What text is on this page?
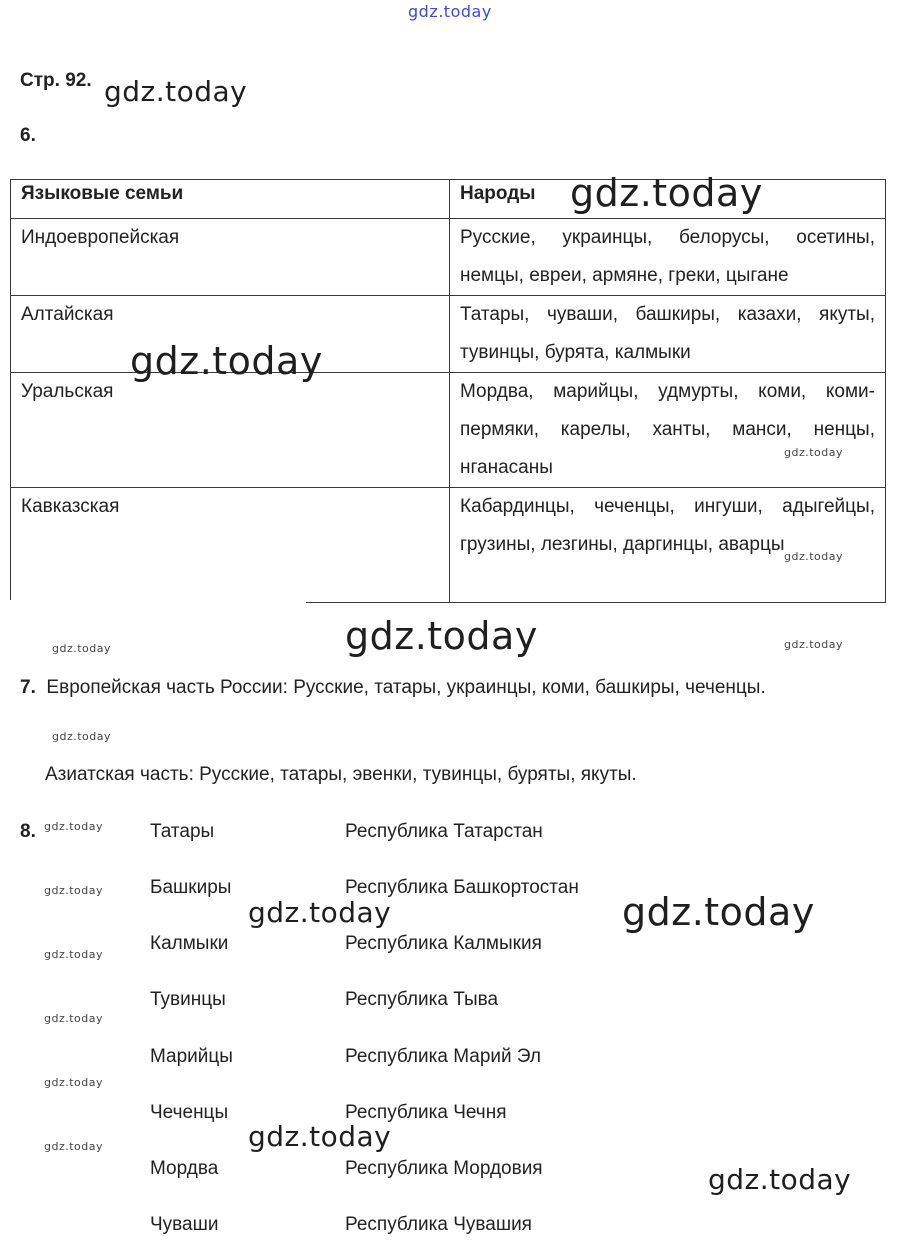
gdz.today
Стр. 92. gdz.today
6.
Языковые семьи	Народы
Индоевропейская	Русские, украинцы, белорусы, осетины, немцы, евреи, армяне, греки, цыгане
Алтайская	Татары, чуваши, башкиры, казахи, якуты, тувинцы, бурята, калмыки
Уральская	Мордва, марийцы, удмурты, коми, коми-пермяки, карелы, ханты, манси, ненцы, нганасаны
Кавказская	Кабардинцы, чеченцы, ингуши, адыгейцы, грузины, лезгины, даргинцы, аварцы
gdz.today
gdz.today
gdz.today
gdz.today
gdz.today	gdz.today	gdz.today
7. Европейская часть России: Русские, татары, украинцы, коми, башкиры, чеченцы.
gdz.today
Азиатская часть: Русские, татары, эвенки, тувинцы, буряты, якуты.
8.	Татары	Республика Татарстан
Башкиры	Республика Башкортостан
Калмыки	Республика Калмыкия
Тувинцы	Республика Тыва
Марийцы	Республика Марий Эл
Чеченцы	Республика Чечня
Мордва	Республика Мордовия
Чуваши	Республика Чувашия
gdz.today
gdz.today
gdz.today
gdz.today
gdz.today
gdz.today
gdz.today	gdz.today
gdz.today
gdz.today
